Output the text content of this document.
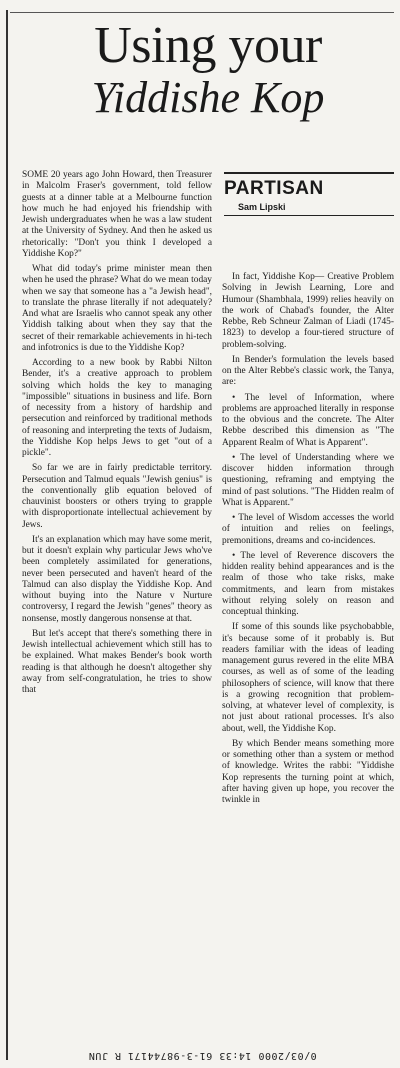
Using your
Yiddishe Kop

SOME 20 years ago John Howard, then Treasurer in Malcolm Fraser's government, told fellow guests at a dinner table at a Melbourne function how much he had enjoyed his friendship with Jewish undergraduates when he was a law student at the University of Sydney. And then he asked us rhetorically: "Don't you think I developed a Yiddishe Kop?"

What did today's prime minister mean then when he used the phrase? What do we mean today when we say that someone has a "a Jewish head", to translate the phrase literally if not adequately? And what are Israelis who cannot speak any other Yiddish talking about when they say that the secret of their remarkable achievements in hi-tech and infotronics is due to the Yiddishe Kop?

According to a new book by Rabbi Nilton Bender, it's a creative approach to problem solving which holds the key to managing "impossible" situations in business and life. Born of necessity from a history of hardship and persecution and reinforced by traditional methods of reasoning and interpreting the texts of Judaism, the Yiddishe Kop helps Jews to get "out of a pickle".

So far we are in fairly predictable territory. Persecution and Talmud equals "Jewish genius" is the conventionally glib equation beloved of chauvinist boosters or others trying to grapple with disproportionate intellectual achievement by Jews.

It's an explanation which may have some merit, but it doesn't explain why particular Jews who've been completely assimilated for generations, never been persecuted and haven't heard of the Talmud can also display the Yiddishe Kop. And without buying into the Nature v Nurture controversy, I regard the Jewish "genes" theory as nonsense, mostly dangerous nonsense at that.

But let's accept that there's something there in Jewish intellectual achievement which still has to be explained. What makes Bender's book worth reading is that although he doesn't altogether shy away from self-congratulation, he tries to show that

PARTISAN
Sam Lipski

In fact, Yiddishe Kop— Creative Problem Solving in Jewish Learning, Lore and Humour (Shambhala, 1999) relies heavily on the work of Chabad's founder, the Alter Rebbe, Reb Schneur Zalman of Liadi (1745-1823) to develop a four-tiered structure of problem-solving.

In Bender's formulation the levels based on the Alter Rebbe's classic work, the Tanya, are:

• The level of Information, where problems are approached literally in response to the obvious and the concrete. The Alter Rebbe described this dimension as "The Apparent Realm of What is Apparent".

• The level of Understanding where we discover hidden information through questioning, reframing and emptying the mind of past solutions. "The Hidden realm of What is Apparent."

• The level of Wisdom accesses the world of intuition and relies on feelings, premonitions, dreams and co-incidences.

• The level of Reverence discovers the hidden reality behind appearances and is the realm of those who take risks, make commitments, and learn from mistakes without relying solely on reason and conceptual thinking.

If some of this sounds like psychobabble, it's because some of it probably is. But readers familiar with the ideas of leading management gurus revered in the elite MBA courses, as well as of some of the leading philosophers of science, will know that there is a growing recognition that problem-solving, at whatever level of complexity, is not just about rational processes. It's also about, well, the Yiddishe Kop.

By which Bender means something more or something other than a system or method of knowledge. Writes the rabbi: "Yiddishe Kop represents the turning point at which, after having given up hope, you recover the twinkle in

0/03/2000 14:33 61-3-98744171 R JUN
